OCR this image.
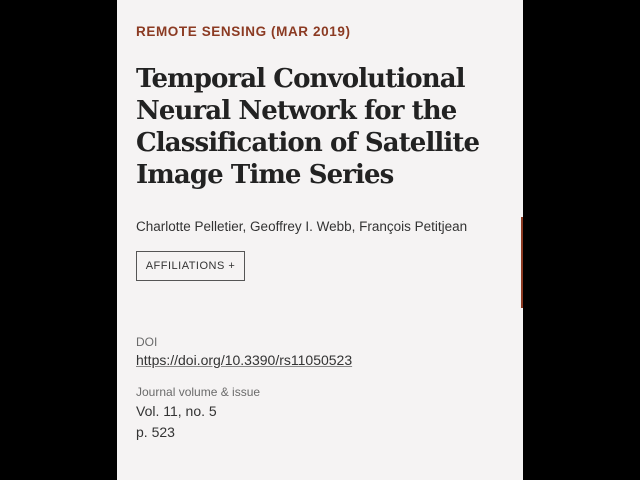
REMOTE SENSING (MAR 2019)
Temporal Convolutional Neural Network for the Classification of Satellite Image Time Series
Charlotte Pelletier, Geoffrey I. Webb, François Petitjean
AFFILIATIONS +
DOI
https://doi.org/10.3390/rs11050523
Journal volume & issue
Vol. 11, no. 5
p. 523
